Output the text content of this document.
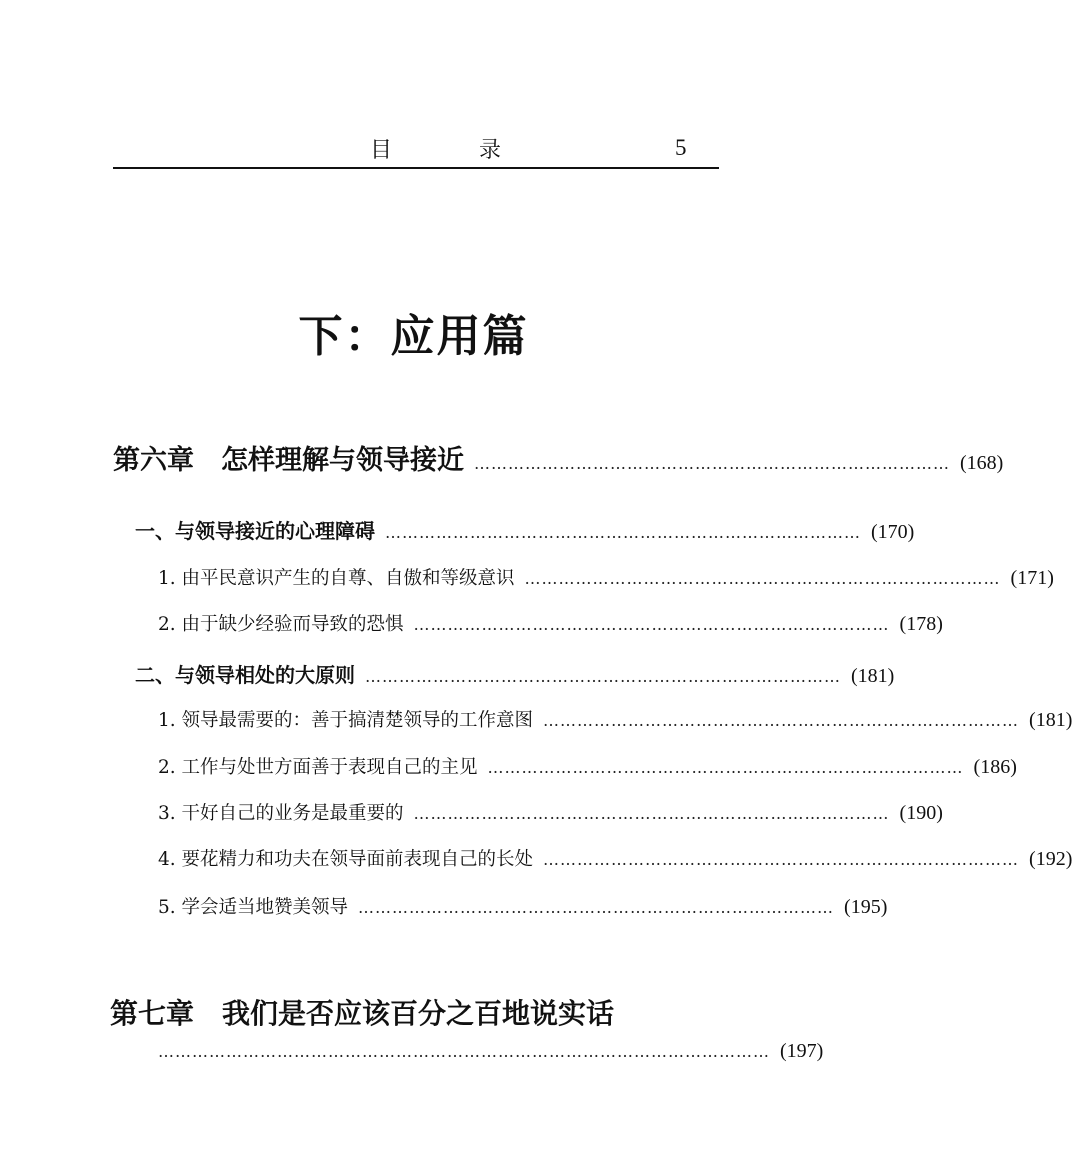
目 录	5
下：应用篇
第六章　怎样理解与领导接近 ………………………………………………………………………… (168)
一、与领导接近的心理障碍 ………………………………………………………………………… (170)
1. 由平民意识产生的自尊、自傲和等级意识 ………………………………………………………………………… (171)
2. 由于缺少经验而导致的恐惧 ………………………………………………………………………… (178)
二、与领导相处的大原则 ………………………………………………………………………… (181)
1. 领导最需要的：善于搞清楚领导的工作意图 ………………………………………………………………………… (181)
2. 工作与处世方面善于表现自己的主见 ………………………………………………………………………… (186)
3. 干好自己的业务是最重要的 ………………………………………………………………………… (190)
4. 要花精力和功夫在领导面前表现自己的长处 ………………………………………………………………………… (192)
5. 学会适当地赞美领导 ………………………………………………………………………… (195)
第七章　我们是否应该百分之百地说实话
……………………………………………………………………………………………… (197)
